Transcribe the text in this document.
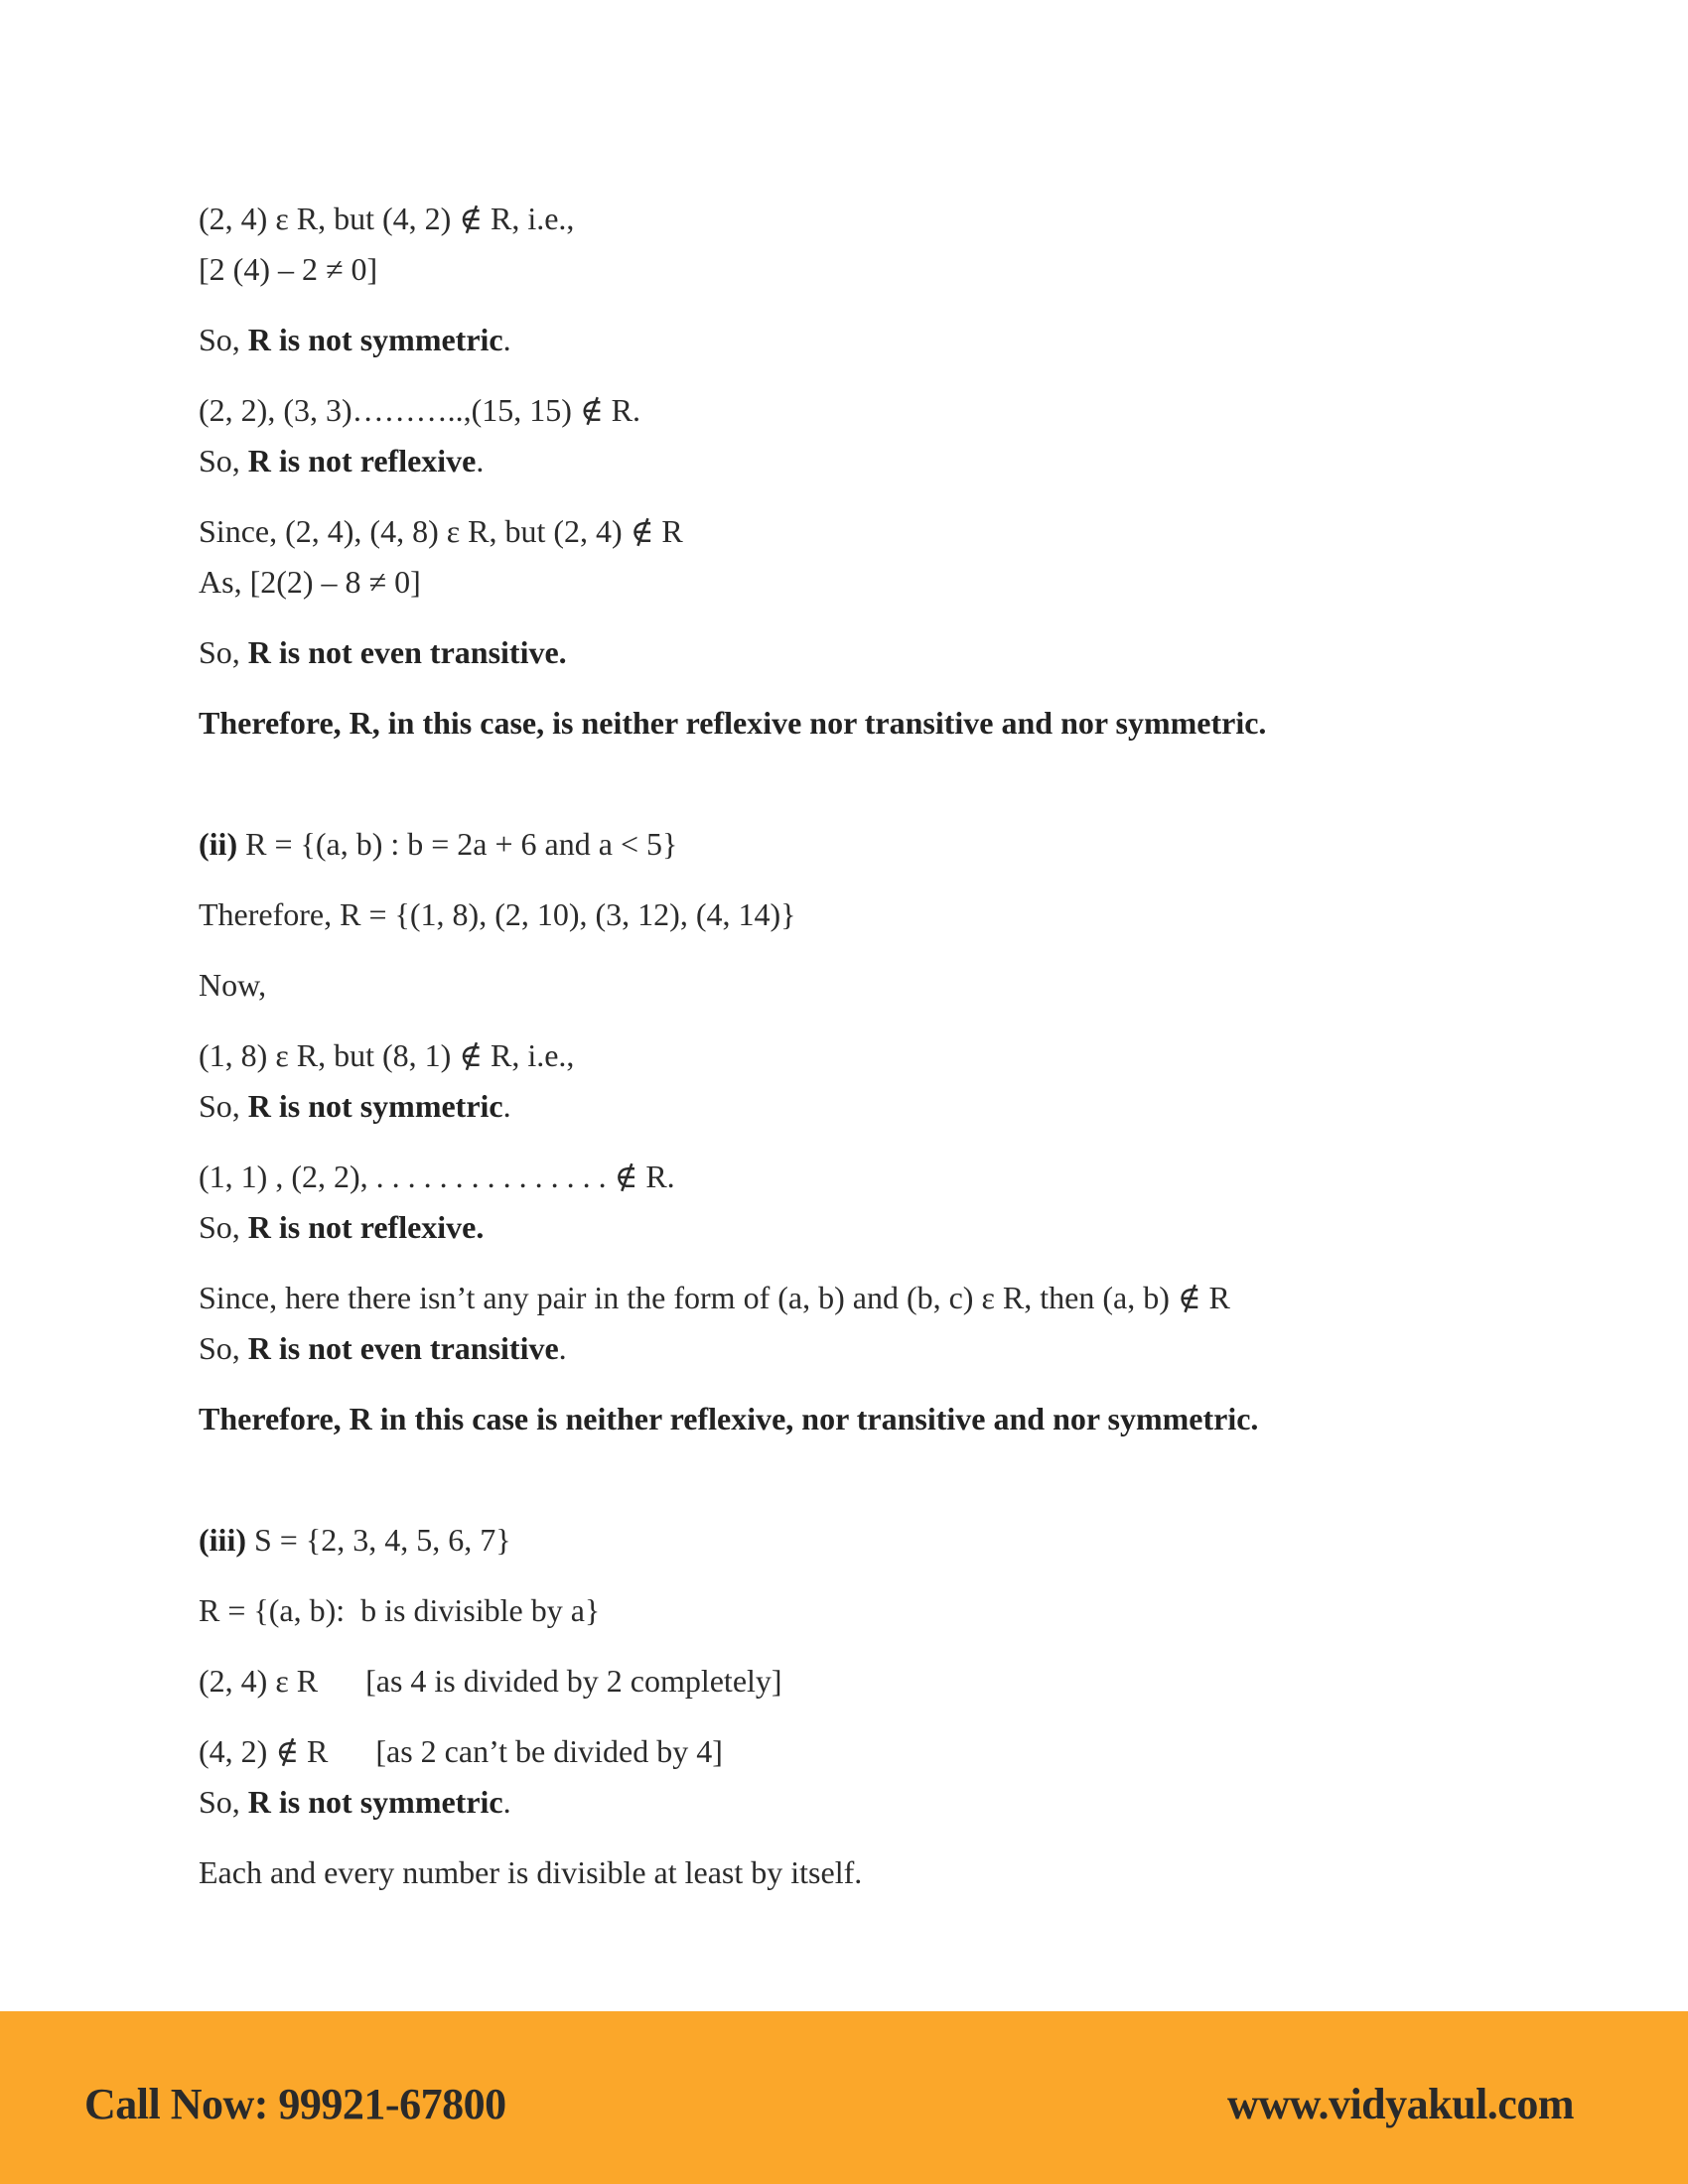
(2, 4) ε R, but (4, 2) ∉ R, i.e.,
[2 (4) – 2 ≠ 0]
So, R is not symmetric.
(2, 2), (3, 3)………..,(15, 15) ∉ R.
So, R is not reflexive.
Since, (2, 4), (4, 8) ε R, but (2, 4) ∉ R
As, [2(2) – 8 ≠ 0]
So, R is not even transitive.
Therefore, R, in this case, is neither reflexive nor transitive and nor symmetric.
(ii) R = {(a, b) : b = 2a + 6 and a < 5}
Therefore, R = {(1, 8), (2, 10), (3, 12), (4, 14)}
Now,
(1, 8) ε R, but (8, 1) ∉ R, i.e.,
So, R is not symmetric.
(1, 1) , (2, 2), . . . . . . . . . . . . . . . ∉ R.
So, R is not reflexive.
Since, here there isn’t any pair in the form of (a, b) and (b, c) ε R, then (a, b) ∉ R
So, R is not even transitive.
Therefore, R in this case is neither reflexive, nor transitive and nor symmetric.
(iii) S = {2, 3, 4, 5, 6, 7}
R = {(a, b):  b is divisible by a}
(2, 4) ε R      [as 4 is divided by 2 completely]
(4, 2) ∉ R      [as 2 can’t be divided by 4]
So, R is not symmetric.
Each and every number is divisible at least by itself.
Call Now: 99921-67800	www.vidyakul.com
